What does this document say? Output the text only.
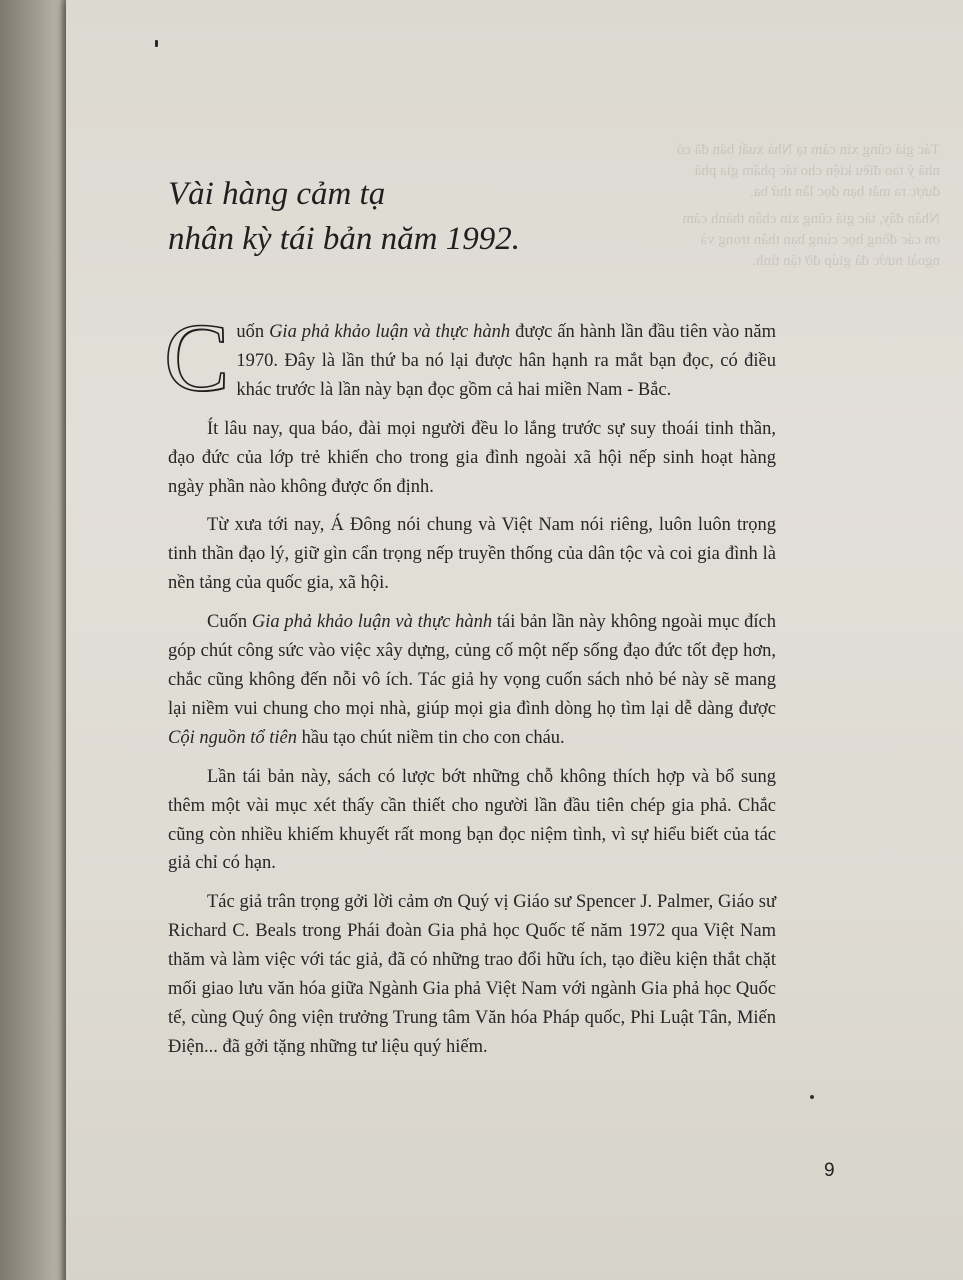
Tác giả cũng xin cảm tạ Nhà xuất bản đã có nhã ý tạo điều kiện cho tác phẩm gia phả được ra mắt bạn đọc lần thứ ba.

Nhân đây, tác giả cũng xin chân thành cảm ơn các đồng học cùng bạn thân trong và ngoài nước đã giúp đỡ tận tình.

Vài hàng cảm tạ
nhân kỳ tái bản năm 1992.

Cuốn Gia phả khảo luận và thực hành được ấn hành lần đầu tiên vào năm 1970. Đây là lần thứ ba nó lại được hân hạnh ra mắt bạn đọc, có điều khác trước là lần này bạn đọc gồm cả hai miền Nam - Bắc.

Ít lâu nay, qua báo, đài mọi người đều lo lắng trước sự suy thoái tinh thần, đạo đức của lớp trẻ khiến cho trong gia đình ngoài xã hội nếp sinh hoạt hàng ngày phần nào không được ổn định.

Từ xưa tới nay, Á Đông nói chung và Việt Nam nói riêng, luôn luôn trọng tinh thần đạo lý, giữ gìn cẩn trọng nếp truyền thống của dân tộc và coi gia đình là nền tảng của quốc gia, xã hội.

Cuốn Gia phả khảo luận và thực hành tái bản lần này không ngoài mục đích góp chút công sức vào việc xây dựng, củng cố một nếp sống đạo đức tốt đẹp hơn, chắc cũng không đến nỗi vô ích. Tác giả hy vọng cuốn sách nhỏ bé này sẽ mang lại niềm vui chung cho mọi nhà, giúp mọi gia đình dòng họ tìm lại dễ dàng được Cội nguồn tổ tiên hầu tạo chút niềm tin cho con cháu.

Lần tái bản này, sách có lược bớt những chỗ không thích hợp và bổ sung thêm một vài mục xét thấy cần thiết cho người lần đầu tiên chép gia phả. Chắc cũng còn nhiều khiếm khuyết rất mong bạn đọc niệm tình, vì sự hiểu biết của tác giả chỉ có hạn.

Tác giả trân trọng gởi lời cảm ơn Quý vị Giáo sư Spencer J. Palmer, Giáo sư Richard C. Beals trong Phái đoàn Gia phả học Quốc tế năm 1972 qua Việt Nam thăm và làm việc với tác giả, đã có những trao đổi hữu ích, tạo điều kiện thắt chặt mối giao lưu văn hóa giữa Ngành Gia phả Việt Nam với ngành Gia phả học Quốc tế, cùng Quý ông viện trưởng Trung tâm Văn hóa Pháp quốc, Phi Luật Tân, Miến Điện... đã gởi tặng những tư liệu quý hiếm.

9
